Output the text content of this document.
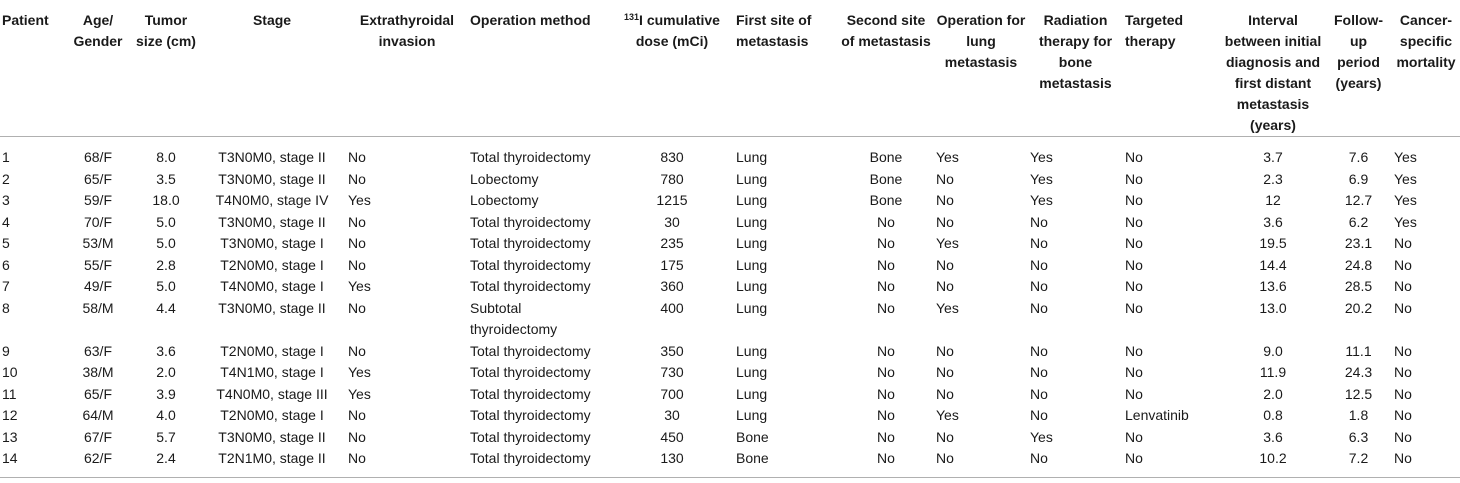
Patient	Age/ Gender	Tumor size (cm)	Stage	Extrathyroidal invasion	Operation method	$^{131}$I cumulative dose (mCi)	First site of metastasis	Second site of metastasis	Operation for lung metastasis	Radiation therapy for bone metastasis	Targeted therapy	Interval between initial diagnosis and first distant metastasis (years)	Follow-up period (years)	Cancer-specific mortality
1	68/F	8.0	T3N0M0, stage II	No	Total thyroidectomy	830	Lung	Bone	Yes	Yes	No	3.7	7.6	Yes
2	65/F	3.5	T3N0M0, stage II	No	Lobectomy	780	Lung	Bone	No	Yes	No	2.3	6.9	Yes
3	59/F	18.0	T4N0M0, stage IV	Yes	Lobectomy	1215	Lung	Bone	No	Yes	No	12	12.7	Yes
4	70/F	5.0	T3N0M0, stage II	No	Total thyroidectomy	30	Lung	No	No	No	No	3.6	6.2	Yes
5	53/M	5.0	T3N0M0, stage I	No	Total thyroidectomy	235	Lung	No	Yes	No	No	19.5	23.1	No
6	55/F	2.8	T2N0M0, stage I	No	Total thyroidectomy	175	Lung	No	No	No	No	14.4	24.8	No
7	49/F	5.0	T4N0M0, stage I	Yes	Total thyroidectomy	360	Lung	No	No	No	No	13.6	28.5	No
8	58/M	4.4	T3N0M0, stage II	No	Subtotal thyroidectomy	400	Lung	No	Yes	No	No	13.0	20.2	No
9	63/F	3.6	T2N0M0, stage I	No	Total thyroidectomy	350	Lung	No	No	No	No	9.0	11.1	No
10	38/M	2.0	T4N1M0, stage I	Yes	Total thyroidectomy	730	Lung	No	No	No	No	11.9	24.3	No
11	65/F	3.9	T4N0M0, stage III	Yes	Total thyroidectomy	700	Lung	No	No	No	No	2.0	12.5	No
12	64/M	4.0	T2N0M0, stage I	No	Total thyroidectomy	30	Lung	No	Yes	No	Lenvatinib	0.8	1.8	No
13	67/F	5.7	T3N0M0, stage II	No	Total thyroidectomy	450	Bone	No	No	Yes	No	3.6	6.3	No
14	62/F	2.4	T2N1M0, stage II	No	Total thyroidectomy	130	Bone	No	No	No	No	10.2	7.2	No
